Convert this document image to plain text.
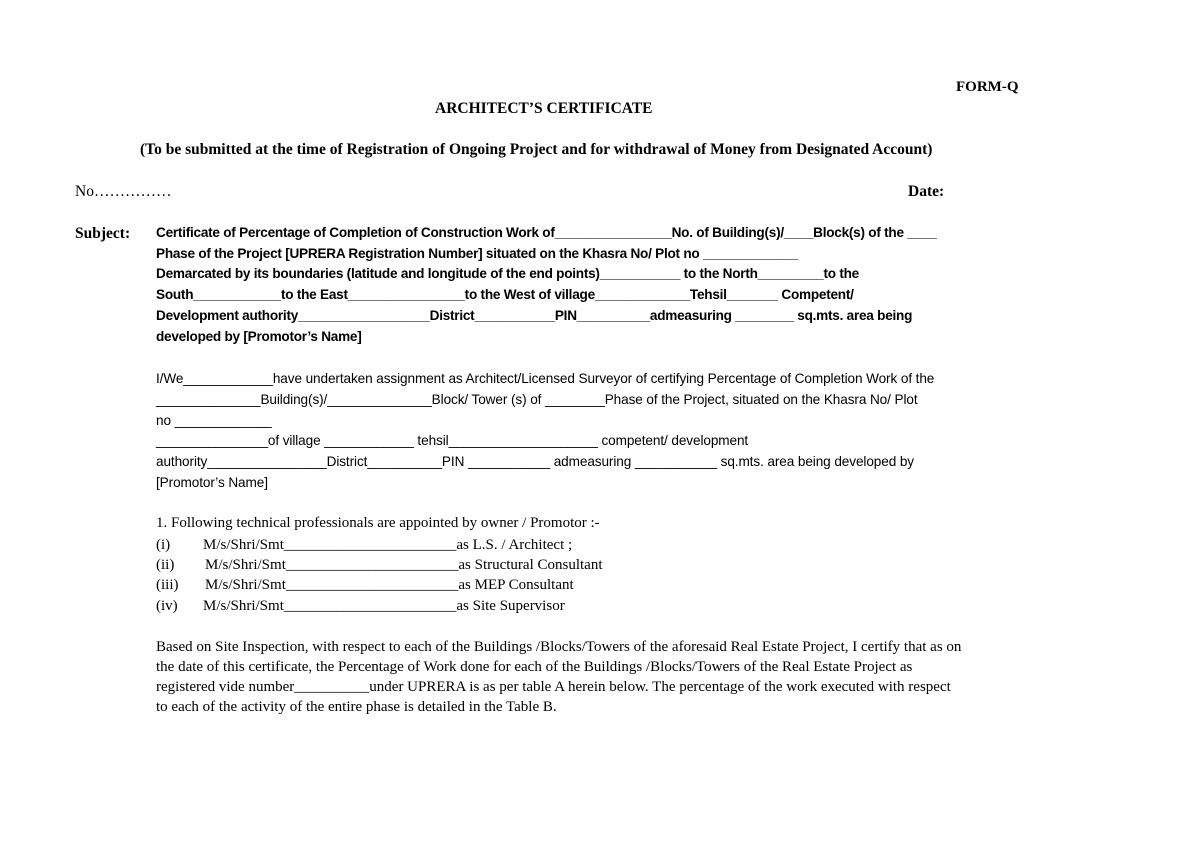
FORM-Q
ARCHITECT’S CERTIFICATE
(To be submitted at the time of Registration of Ongoing Project and for withdrawal of Money from Designated Account)
No……………	Date:
Subject: Certificate of Percentage of Completion of Construction Work of________________No. of Building(s)/____Block(s) of the ____
Phase of the Project [UPRERA Registration Number] situated on the Khasra No/ Plot no _____________
Demarcated by its boundaries (latitude and longitude of the end points)___________ to the North_________to the
South____________to the East________________to the West of village_____________Tehsil_______ Competent/
Development authority__________________District___________PIN__________admeasuring ________ sq.mts. area being
developed by [Promotor’s Name]
I/We____________have undertaken assignment as Architect/Licensed Surveyor of certifying Percentage of Completion Work of the
______________Building(s)/______________Block/ Tower (s) of ________Phase of the Project, situated on the Khasra No/ Plot
no _____________
_______________of village ____________ tehsil____________________ competent/ development
authority________________District__________PIN ___________ admeasuring ___________ sq.mts. area being developed by
[Promotor’s Name]
1. Following technical professionals are appointed by owner / Promotor :-
(i) M/s/Shri/Smt_______________________as L.S. / Architect ;
(ii) M/s/Shri/Smt_______________________as Structural Consultant
(iii) M/s/Shri/Smt_______________________as MEP Consultant
(iv) M/s/Shri/Smt_______________________as Site Supervisor
Based on Site Inspection, with respect to each of the Buildings /Blocks/Towers of the aforesaid Real Estate Project, I certify that as on
the date of this certificate, the Percentage of Work done for each of the Buildings /Blocks/Towers of the Real Estate Project as
registered vide number__________under UPRERA is as per table A herein below. The percentage of the work executed with respect
to each of the activity of the entire phase is detailed in the Table B.
